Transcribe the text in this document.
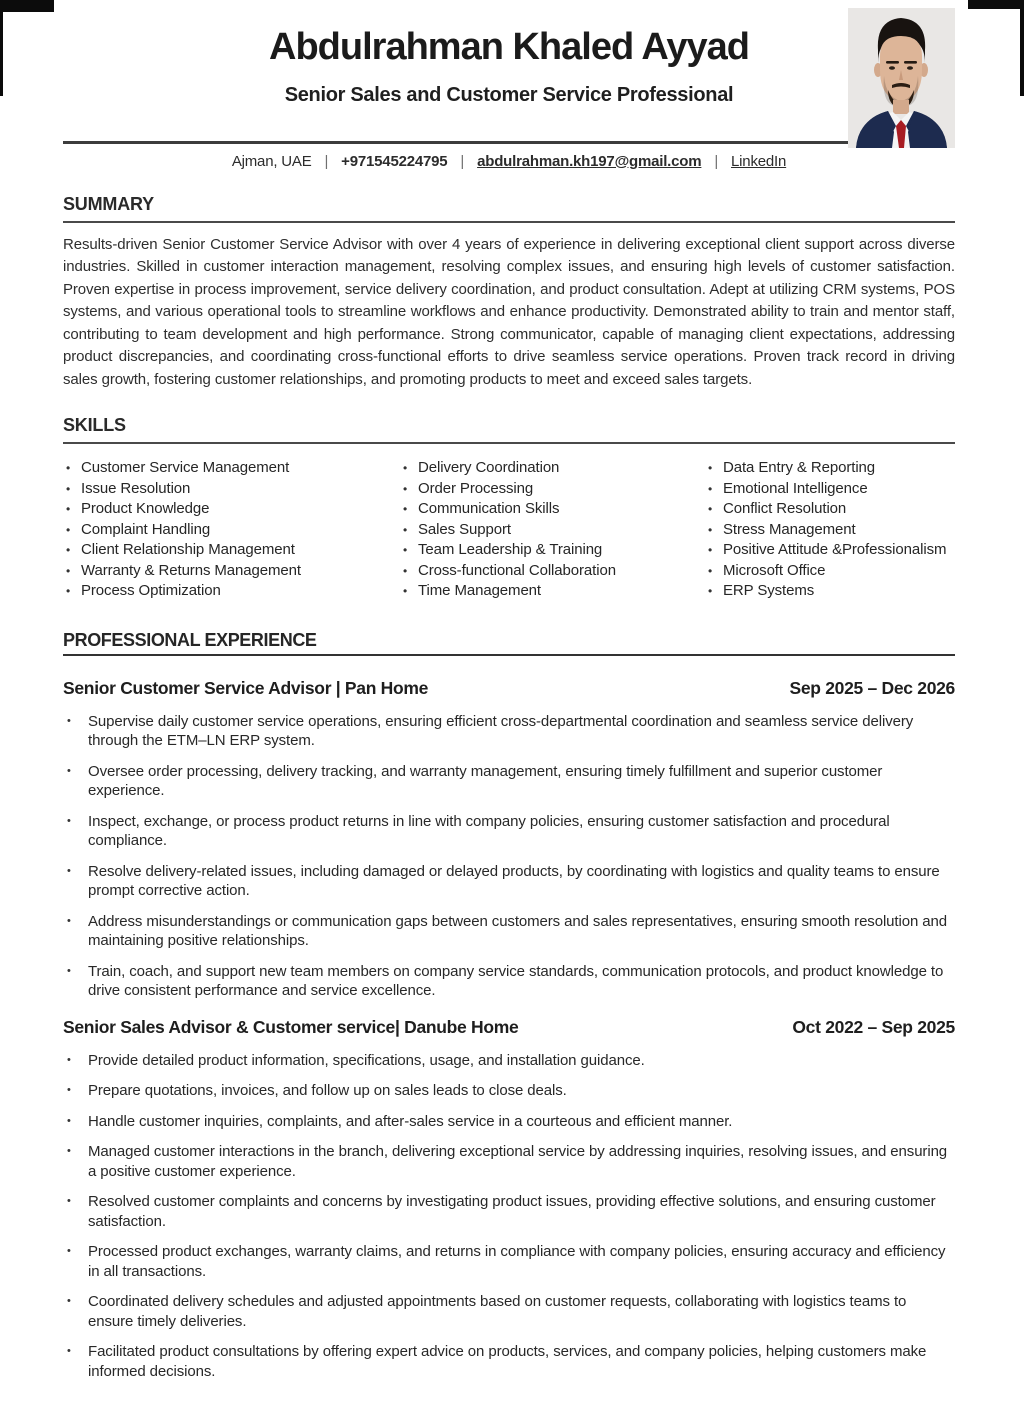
Abdulrahman Khaled Ayyad
Senior Sales and Customer Service Professional
Ajman, UAE | +971545224795 | abdulrahman.kh197@gmail.com | LinkedIn
SUMMARY

Results-driven Senior Customer Service Advisor with over 4 years of experience in delivering exceptional client support across diverse industries. Skilled in customer interaction management, resolving complex issues, and ensuring high levels of customer satisfaction. Proven expertise in process improvement, service delivery coordination, and product consultation. Adept at utilizing CRM systems, POS systems, and various operational tools to streamline workflows and enhance productivity. Demonstrated ability to train and mentor staff, contributing to team development and high performance. Strong communicator, capable of managing client expectations, addressing product discrepancies, and coordinating cross-functional efforts to drive seamless service operations. Proven track record in driving sales growth, fostering customer relationships, and promoting products to meet and exceed sales targets.

SKILLS
• Customer Service Management
• Issue Resolution
• Product Knowledge
• Complaint Handling
• Client Relationship Management
• Warranty & Returns Management
• Process Optimization
• Delivery Coordination
• Order Processing
• Communication Skills
• Sales Support
• Team Leadership & Training
• Cross-functional Collaboration
• Time Management
• Data Entry & Reporting
• Emotional Intelligence
• Conflict Resolution
• Stress Management
• Positive Attitude &Professionalism
• Microsoft Office
• ERP Systems
PROFESSIONAL EXPERIENCE
Senior Customer Service Advisor | Pan Home	Sep 2025 – Dec 2026
• Supervise daily customer service operations, ensuring efficient cross-departmental coordination and seamless service delivery through the ETM–LN ERP system.
• Oversee order processing, delivery tracking, and warranty management, ensuring timely fulfillment and superior customer experience.
• Inspect, exchange, or process product returns in line with company policies, ensuring customer satisfaction and procedural compliance.
• Resolve delivery-related issues, including damaged or delayed products, by coordinating with logistics and quality teams to ensure prompt corrective action.
• Address misunderstandings or communication gaps between customers and sales representatives, ensuring smooth resolution and maintaining positive relationships.
• Train, coach, and support new team members on company service standards, communication protocols, and product knowledge to drive consistent performance and service excellence.
Senior Sales Advisor & Customer service| Danube Home	Oct 2022 – Sep 2025
• Provide detailed product information, specifications, usage, and installation guidance.
• Prepare quotations, invoices, and follow up on sales leads to close deals.
• Handle customer inquiries, complaints, and after-sales service in a courteous and efficient manner.
• Managed customer interactions in the branch, delivering exceptional service by addressing inquiries, resolving issues, and ensuring a positive customer experience.
• Resolved customer complaints and concerns by investigating product issues, providing effective solutions, and ensuring customer satisfaction.
• Processed product exchanges, warranty claims, and returns in compliance with company policies, ensuring accuracy and efficiency in all transactions.
• Coordinated delivery schedules and adjusted appointments based on customer requests, collaborating with logistics teams to ensure timely deliveries.
• Facilitated product consultations by offering expert advice on products, services, and company policies, helping customers make informed decisions.
